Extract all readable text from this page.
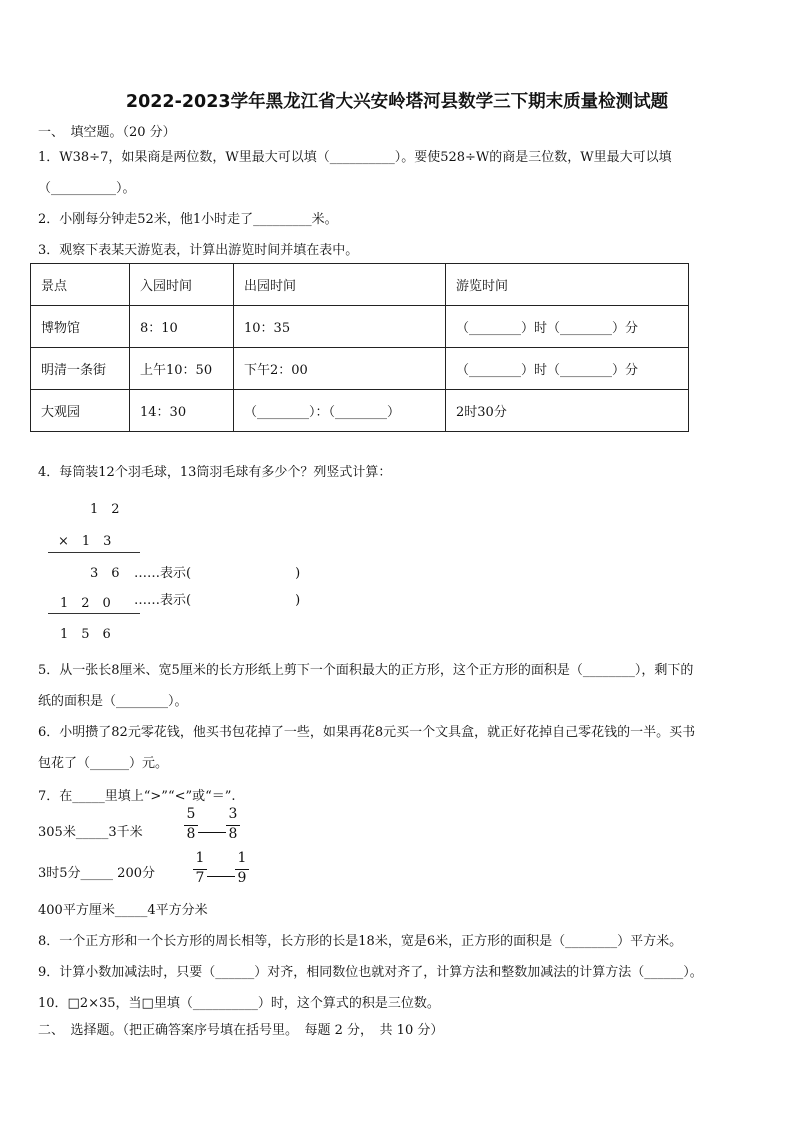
2022-2023学年黑龙江省大兴安岭塔河县数学三下期末质量检测试题
一、　填空题。（20 分）
1．W38÷7，如果商是两位数，W里最大可以填（__________）。要使528÷W的商是三位数，W里最大可以填
（__________）。
2．小刚每分钟走52米，他1小时走了_________米。
3．观察下表某天游览表，计算出游览时间并填在表中。
景点	入园时间	出园时间	游览时间
博物馆	8：10	10：35	（________）时（________）分
明清一条街	上午10：50	下午2：00	（________）时（________）分
大观园	14：30	（________）：（________）	2时30分
4．每筒装12个羽毛球，13筒羽毛球有多少个？列竖式计算：
1　2
×　1　3
3　6 ……表示(　　　　　　　　)
1　2　0 ……表示(　　　　　　　　)
1　5　6
5．从一张长8厘米、宽5厘米的长方形纸上剪下一个面积最大的正方形，这个正方形的面积是（________），剩下的
纸的面积是（________）。
6．小明攒了82元零花钱，他买书包花掉了一些，如果再花8元买一个文具盒，就正好花掉自己零花钱的一半。买书
包花了（______）元。
7．在_____里填上“>”“<”或“＝”.
305米_____3千米
5
8
3
8
3时5分_____ 200分
1
7
1
9
400平方厘米_____4平方分米
8．一个正方形和一个长方形的周长相等，长方形的长是18米，宽是6米，正方形的面积是（________）平方米。
9．计算小数加减法时，只要（______）对齐，相同数位也就对齐了，计算方法和整数加减法的计算方法（______）。
10．□2×35，当□里填（__________）时，这个算式的积是三位数。
二、　选择题。（把正确答案序号填在括号里。　每题 2 分，　共 10 分）
